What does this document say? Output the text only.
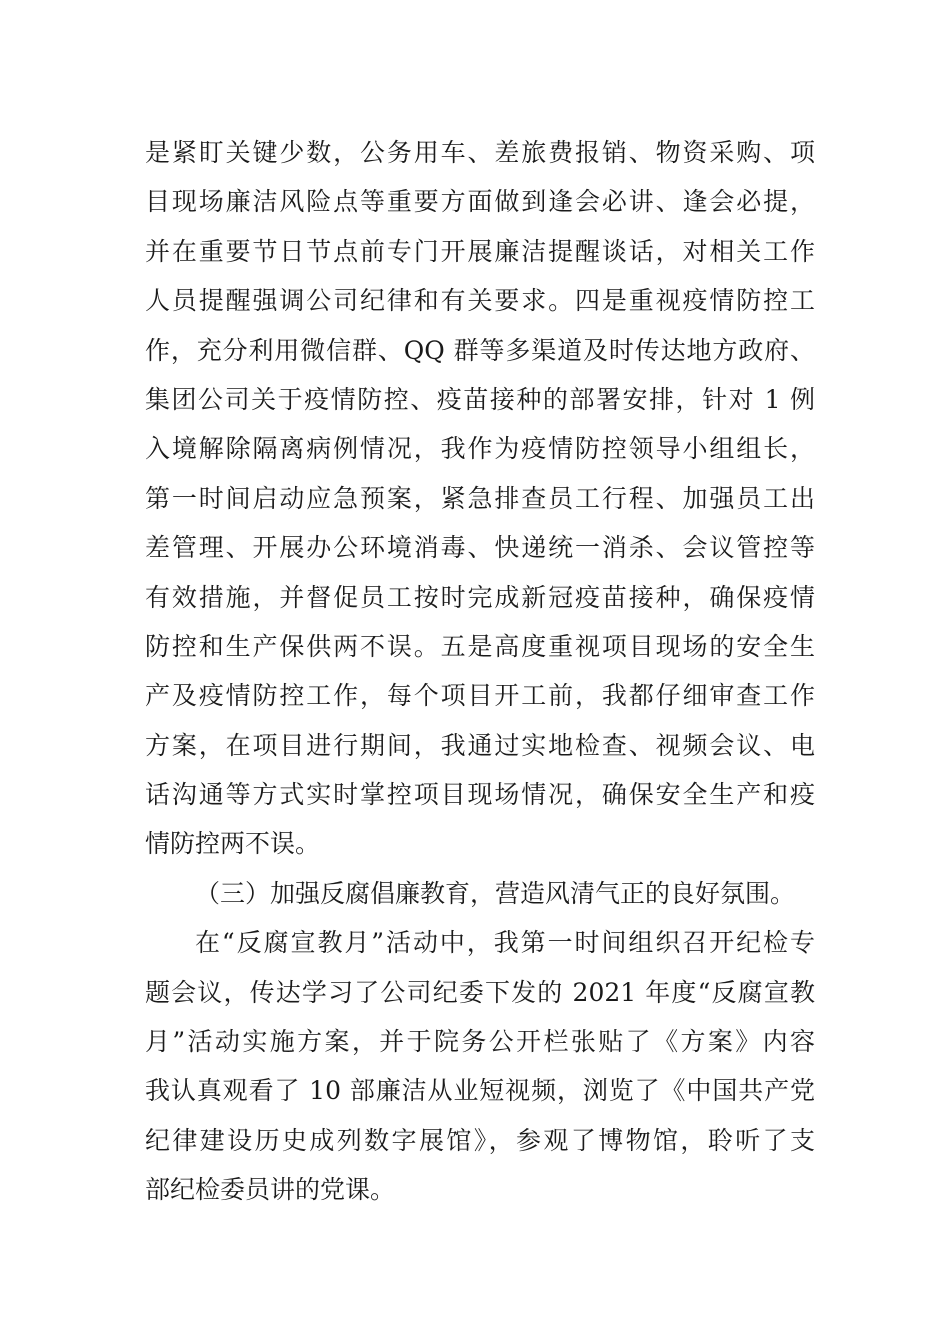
是紧盯关键少数，公务用车、差旅费报销、物资采购、项
目现场廉洁风险点等重要方面做到逢会必讲、逢会必提，
并在重要节日节点前专门开展廉洁提醒谈话，对相关工作
人员提醒强调公司纪律和有关要求。四是重视疫情防控工
作，充分利用微信群、QQ 群等多渠道及时传达地方政府、
集团公司关于疫情防控、疫苗接种的部署安排，针对 1 例
入境解除隔离病例情况，我作为疫情防控领导小组组长，
第一时间启动应急预案，紧急排查员工行程、加强员工出
差管理、开展办公环境消毒、快递统一消杀、会议管控等
有效措施，并督促员工按时完成新冠疫苗接种，确保疫情
防控和生产保供两不误。五是高度重视项目现场的安全生
产及疫情防控工作，每个项目开工前，我都仔细审查工作
方案，在项目进行期间，我通过实地检查、视频会议、电
话沟通等方式实时掌控项目现场情况，确保安全生产和疫
情防控两不误。
（三）加强反腐倡廉教育，营造风清气正的良好氛围。
在“反腐宣教月”活动中，我第一时间组织召开纪检专
题会议，传达学习了公司纪委下发的 2021 年度“反腐宣教
月”活动实施方案，并于院务公开栏张贴了《方案》内容
我认真观看了 10 部廉洁从业短视频，浏览了《中国共产党
纪律建设历史成列数字展馆》，参观了博物馆，聆听了支
部纪检委员讲的党课。
